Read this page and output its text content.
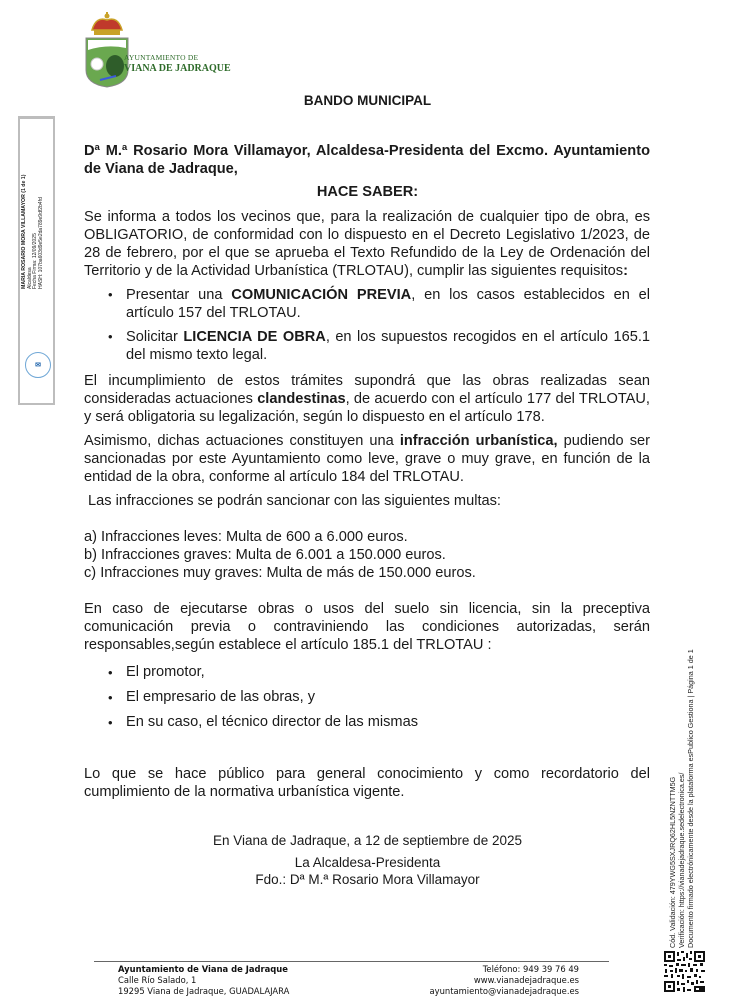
AYUNTAMIENTO DE
VIANA DE JADRAQUE
BANDO MUNICIPAL
Dª M.ª Rosario Mora Villamayor, Alcaldesa-Presidenta del Excmo. Ayuntamiento de Viana de Jadraque,
HACE SABER:

Se informa a todos los vecinos que, para la realización de cualquier tipo de obra, es OBLIGATORIO, de conformidad con lo dispuesto en el Decreto Legislativo 1/2023, de 28 de febrero, por el que se aprueba el Texto Refundido de la Ley de Ordenación del Territorio y de la Actividad Urbanística (TRLOTAU), cumplir las siguientes requisitos:

• Presentar una COMUNICACIÓN PREVIA, en los casos establecidos en el artículo 157 del TRLOTAU.
• Solicitar LICENCIA DE OBRA, en los supuestos recogidos en el artículo 165.1 del mismo texto legal.

El incumplimiento de estos trámites supondrá que las obras realizadas sean consideradas actuaciones clandestinas, de acuerdo con el artículo 177 del TRLOTAU, y será obligatoria su legalización, según lo dispuesto en el artículo 178.

Asimismo, dichas actuaciones constituyen una infracción urbanística, pudiendo ser sancionadas por este Ayuntamiento como leve, grave o muy grave, en función de la entidad de la obra, conforme al artículo 184 del TRLOTAU.

Las infracciones se podrán sancionar con las siguientes multas:

a) Infracciones leves: Multa de 600 a 6.000 euros.
b) Infracciones graves: Multa de 6.001 a 150.000 euros.
c) Infracciones muy graves: Multa de más de 150.000 euros.

En caso de ejecutarse obras o usos del suelo sin licencia, sin la preceptiva comunicación previa o contraviniendo las condiciones autorizadas, serán responsables,según establece el artículo 185.1 del TRLOTAU :

• El promotor,
• El empresario de las obras, y
• En su caso, el técnico director de las mismas

Lo que se hace público para general conocimiento y como recordatorio del cumplimiento de la normativa urbanística vigente.

En Viana de Jadraque, a 12 de septiembre de 2025
La Alcaldesa-Presidenta
Fdo.: Dª M.ª Rosario Mora Villamayor
MARIA ROSARIO MORA VILLAMAYOR (1 de 1)
Alcaldesa
Fecha Firma: 12/09/2025
HASH: 107ba603d9e5e2da789e9df2b4fd
✉
Cód. Validación: 479YWG5SXJRQ62HL5NZNTTM5G Verificación: https://vianadejadraque.sedelectronica.es/ Documento firmado electrónicamente desde la plataforma esPublico Gestiona | Página 1 de 1
Ayuntamiento de Viana de Jadraque
Calle Río Salado, 1
19295 Viana de Jadraque, GUADALAJARA
Teléfono: 949 39 76 49
www.vianadejadraque.es
ayuntamiento@vianadejadraque.es
